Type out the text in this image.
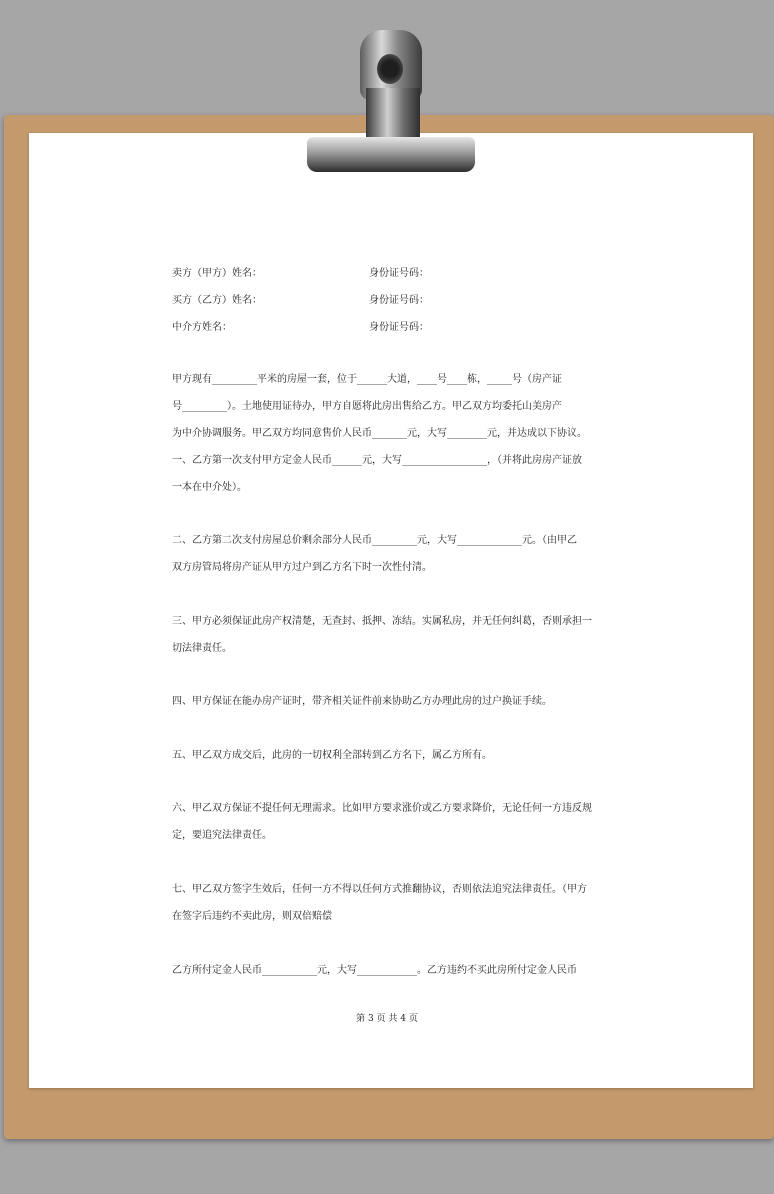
卖方（甲方）姓名：	身份证号码：
买方（乙方）姓名：	身份证号码：
中介方姓名：	身份证号码：
甲方现有_________平米的房屋一套，位于______大道，____号____栋，_____号（房产证
号_________）。土地使用证待办，甲方自愿将此房出售给乙方。甲乙双方均委托山美房产
为中介协调服务。甲乙双方均同意售价人民币_______元，大写________元，并达成以下协议。
一、乙方第一次支付甲方定金人民币______元，大写_________________，（并将此房房产证放
一本在中介处）。
二、乙方第二次支付房屋总价剩余部分人民币_________元，大写_____________元。（由甲乙
双方房管局将房产证从甲方过户到乙方名下时一次性付清。
三、甲方必须保证此房产权清楚，无查封、抵押、冻结。实属私房，并无任何纠葛，否则承担一
切法律责任。
四、甲方保证在能办房产证时，带齐相关证件前来协助乙方办理此房的过户换证手续。
五、甲乙双方成交后，此房的一切权利全部转到乙方名下，属乙方所有。
六、甲乙双方保证不提任何无理需求。比如甲方要求涨价或乙方要求降价，无论任何一方违反规
定，要追究法律责任。
七、甲乙双方签字生效后，任何一方不得以任何方式推翻协议，否则依法追究法律责任。（甲方
在签字后违约不卖此房，则双倍赔偿
乙方所付定金人民币___________元，大写____________。乙方违约不买此房所付定金人民币
第 3 页 共 4 页
